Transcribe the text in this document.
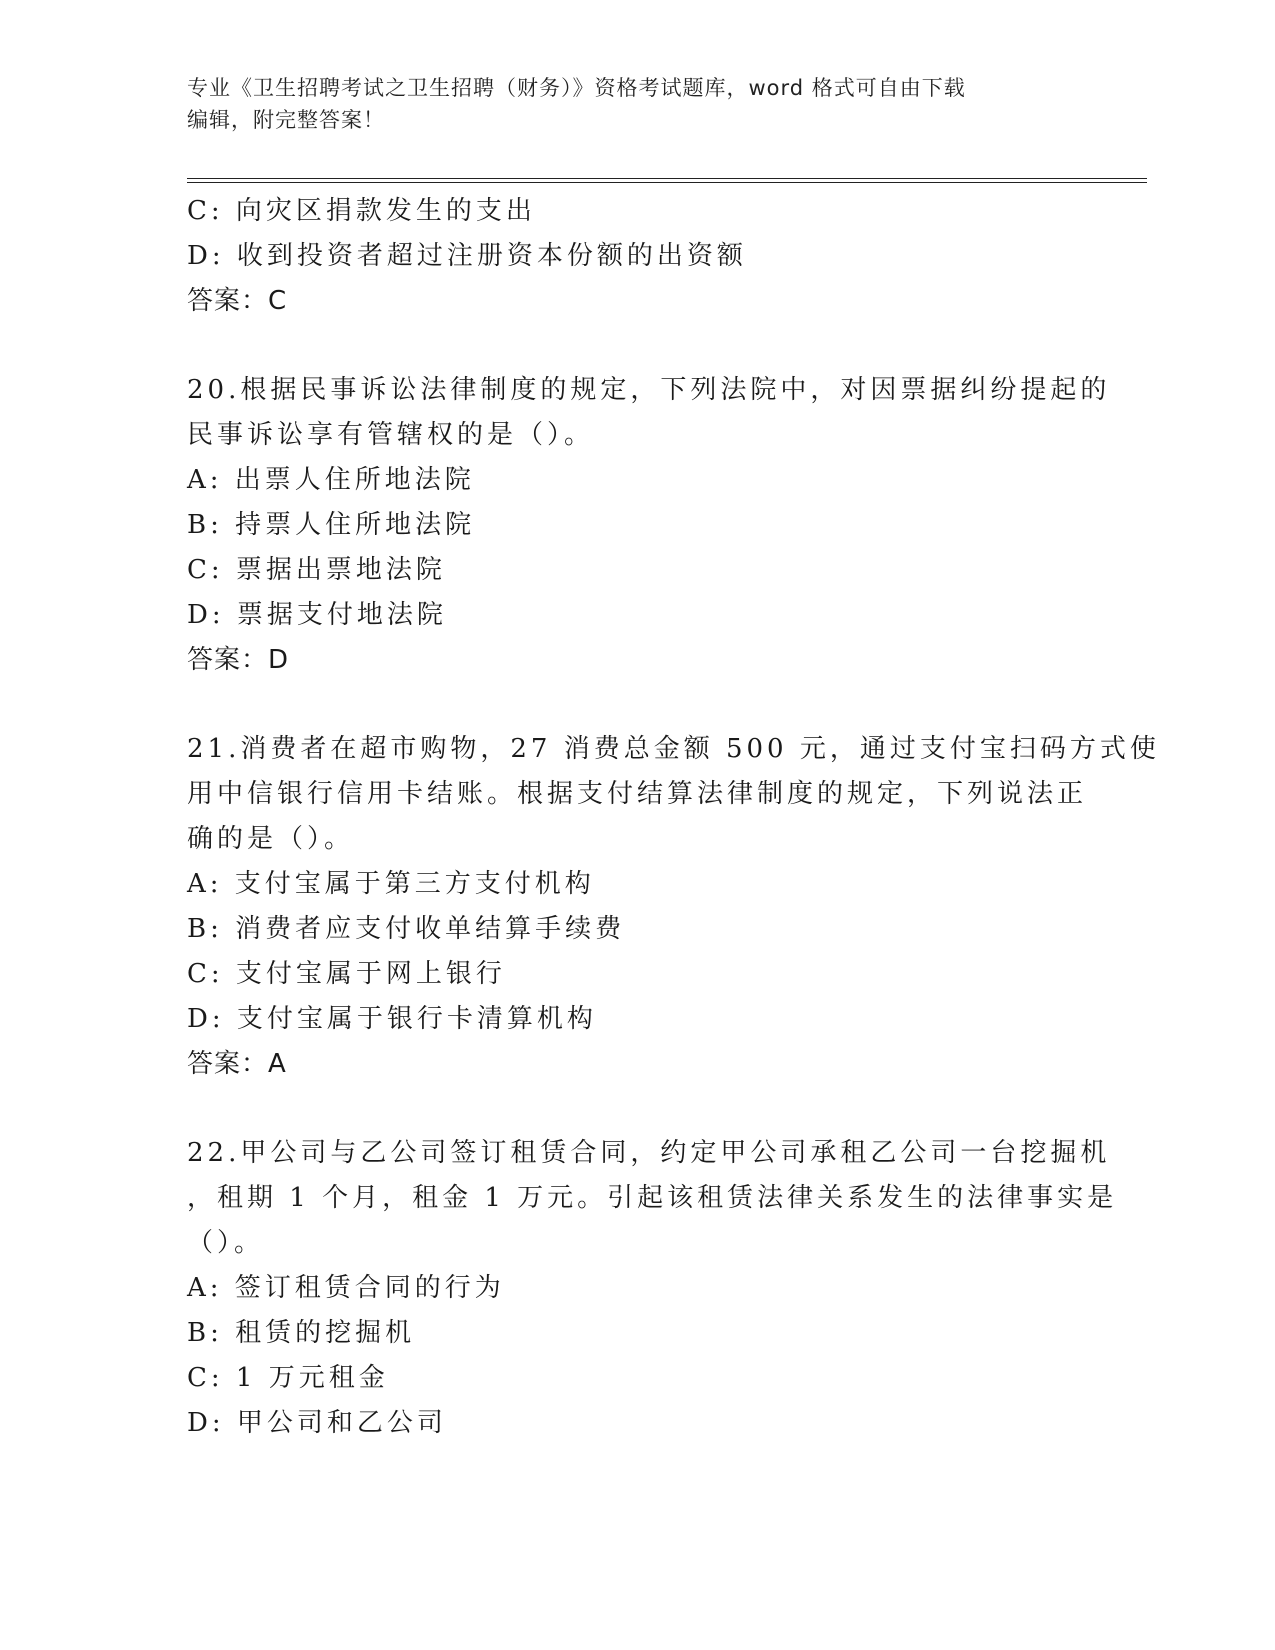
专业《卫生招聘考试之卫生招聘（财务）》资格考试题库，word 格式可自由下载
编辑，附完整答案！
C: 向灾区捐款发生的支出
D: 收到投资者超过注册资本份额的出资额
答案：C
20.根据民事诉讼法律制度的规定，下列法院中，对因票据纠纷提起的
民事诉讼享有管辖权的是（）。
A: 出票人住所地法院
B: 持票人住所地法院
C: 票据出票地法院
D: 票据支付地法院
答案：D
21.消费者在超市购物，27 消费总金额 500 元，通过支付宝扫码方式使
用中信银行信用卡结账。根据支付结算法律制度的规定，下列说法正
确的是（）。
A: 支付宝属于第三方支付机构
B: 消费者应支付收单结算手续费
C: 支付宝属于网上银行
D: 支付宝属于银行卡清算机构
答案：A
22.甲公司与乙公司签订租赁合同，约定甲公司承租乙公司一台挖掘机
，租期 1 个月，租金 1 万元。引起该租赁法律关系发生的法律事实是
（）。
A: 签订租赁合同的行为
B: 租赁的挖掘机
C: 1 万元租金
D: 甲公司和乙公司
